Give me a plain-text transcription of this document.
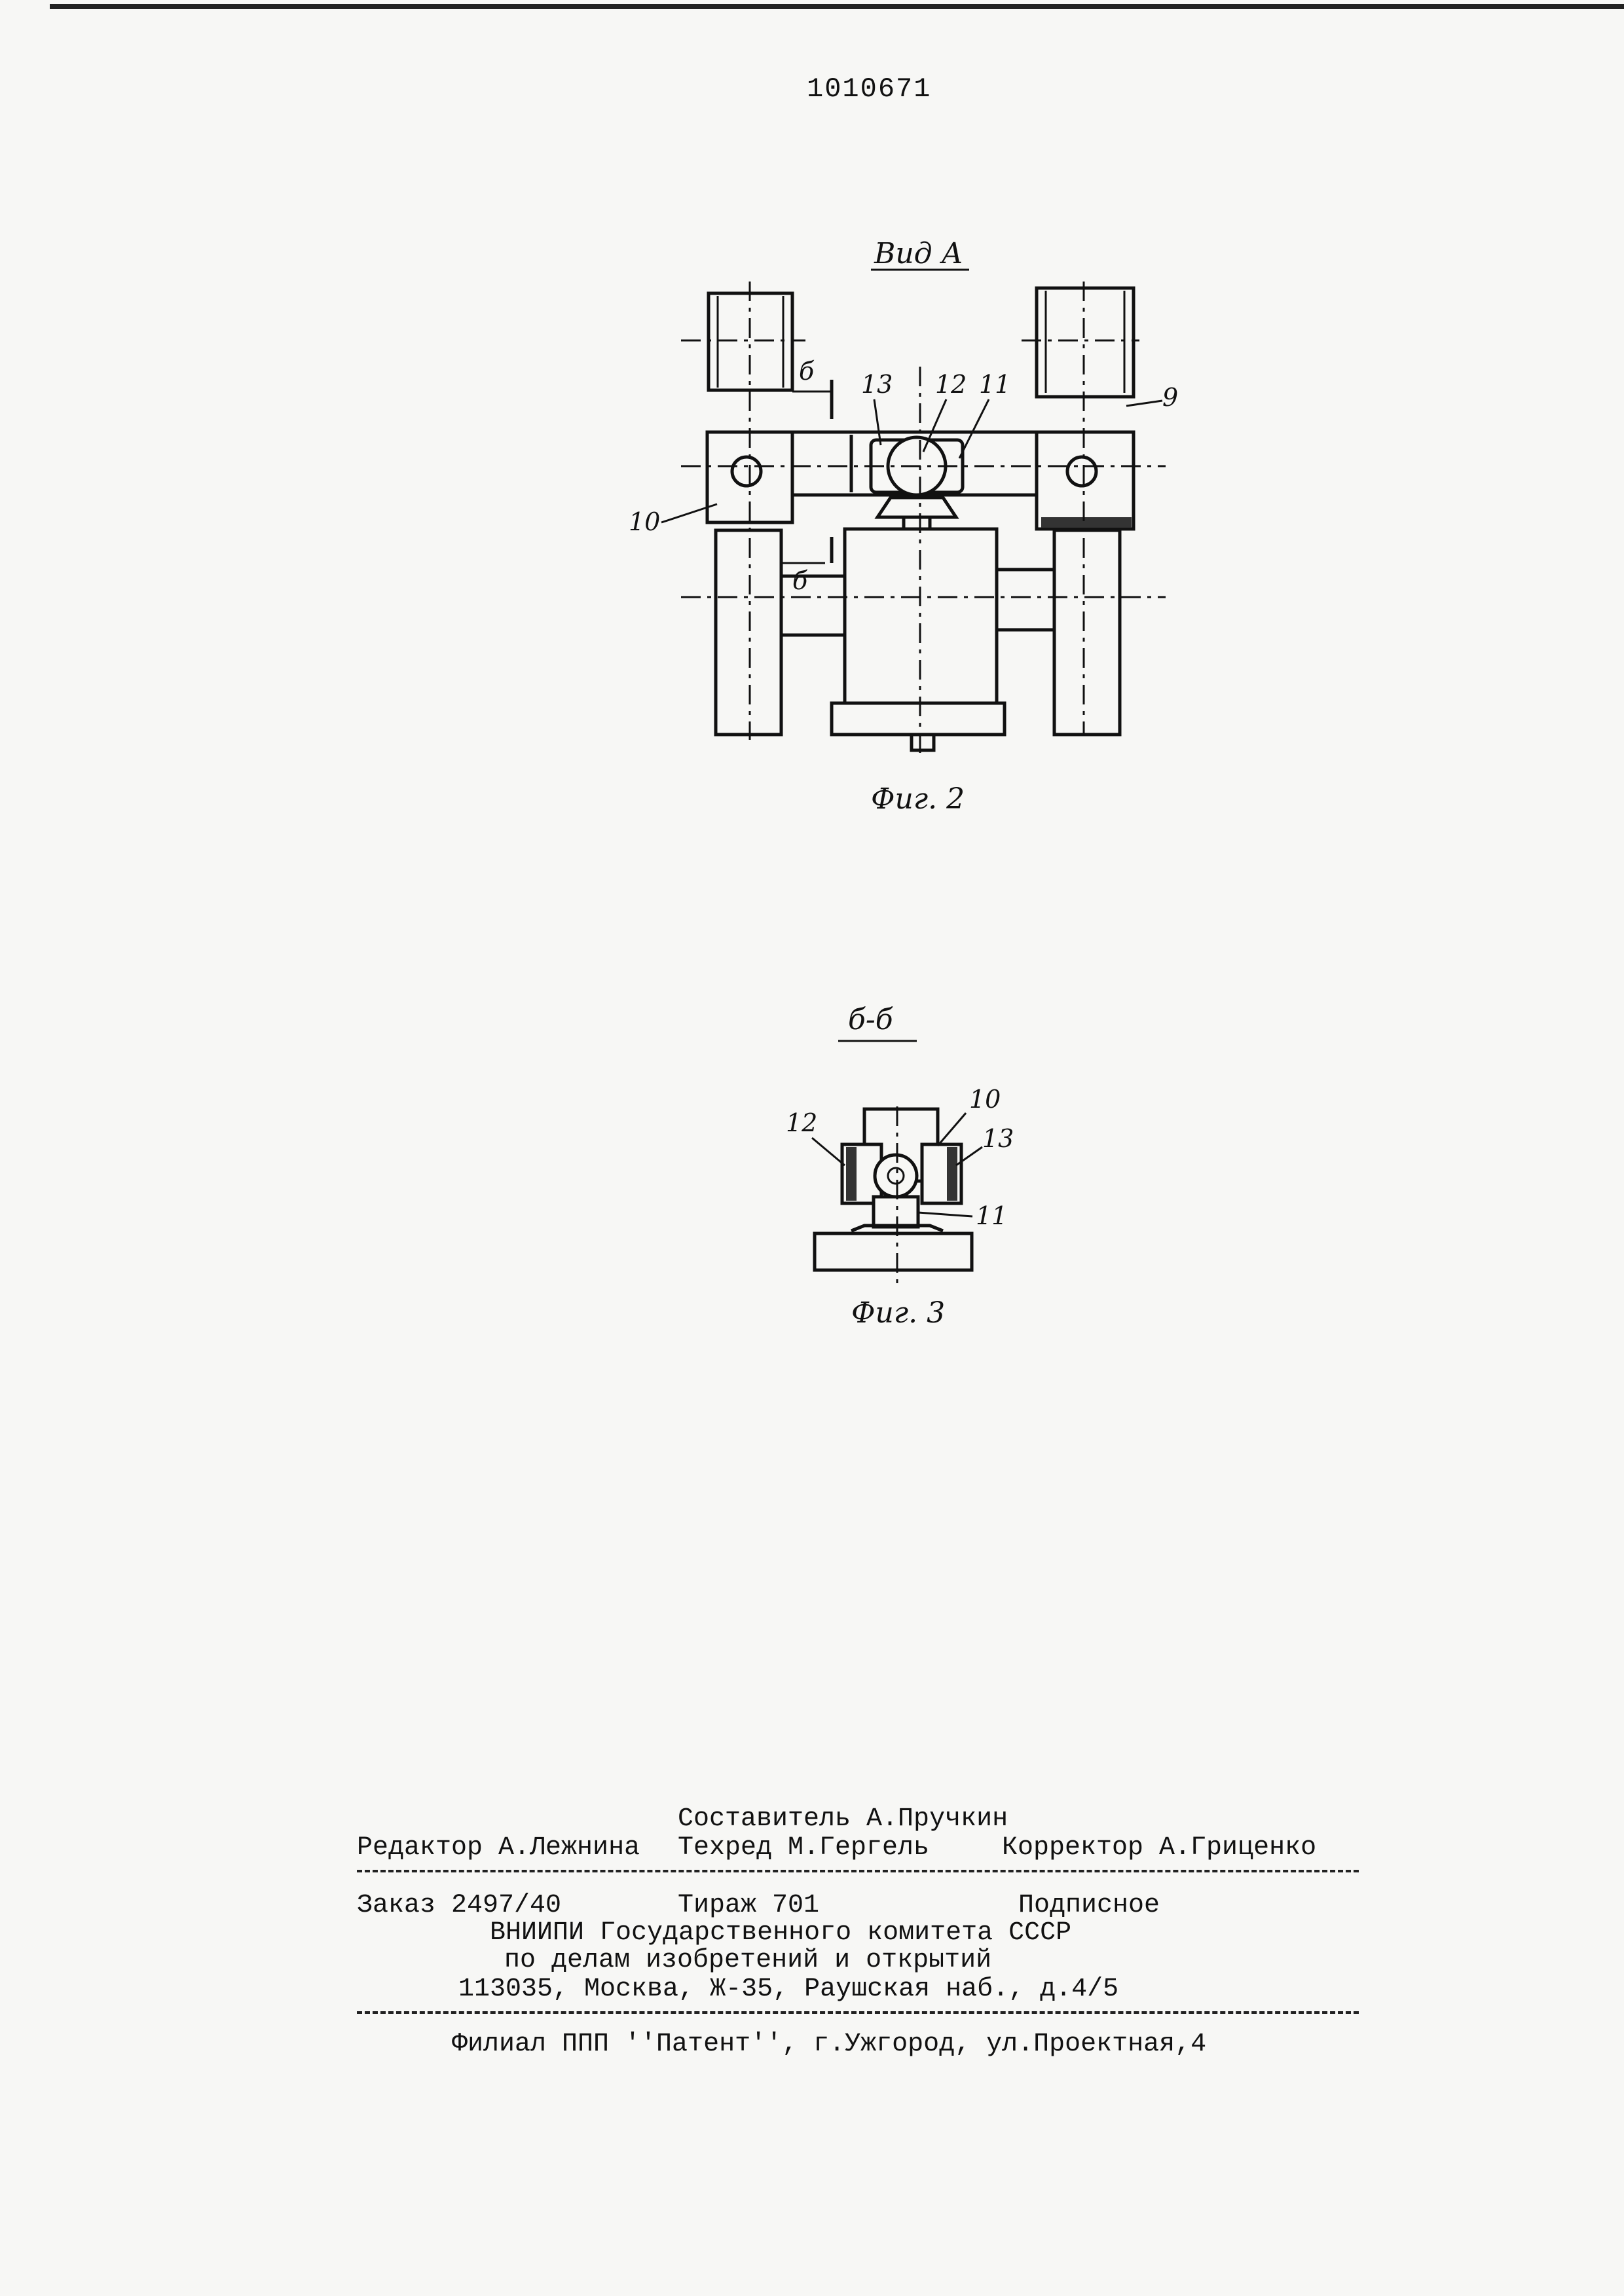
1010671
Вид А
б
б
10
13 12 11	9
Фиг. 2
б-б
10
12
13
11
Фиг. 3
Составитель А.Пручкин
Редактор А.Лежнина Техред М.Гергель	Корректор А.Гриценко
Заказ 2497/40	Тираж 701	Подписное
ВНИИПИ Государственного комитета СССР
по делам изобретений и открытий
113035, Москва, Ж-35, Раушская наб., д.4/5
Филиал ППП ''Патент'', г.Ужгород, ул.Проектная,4
